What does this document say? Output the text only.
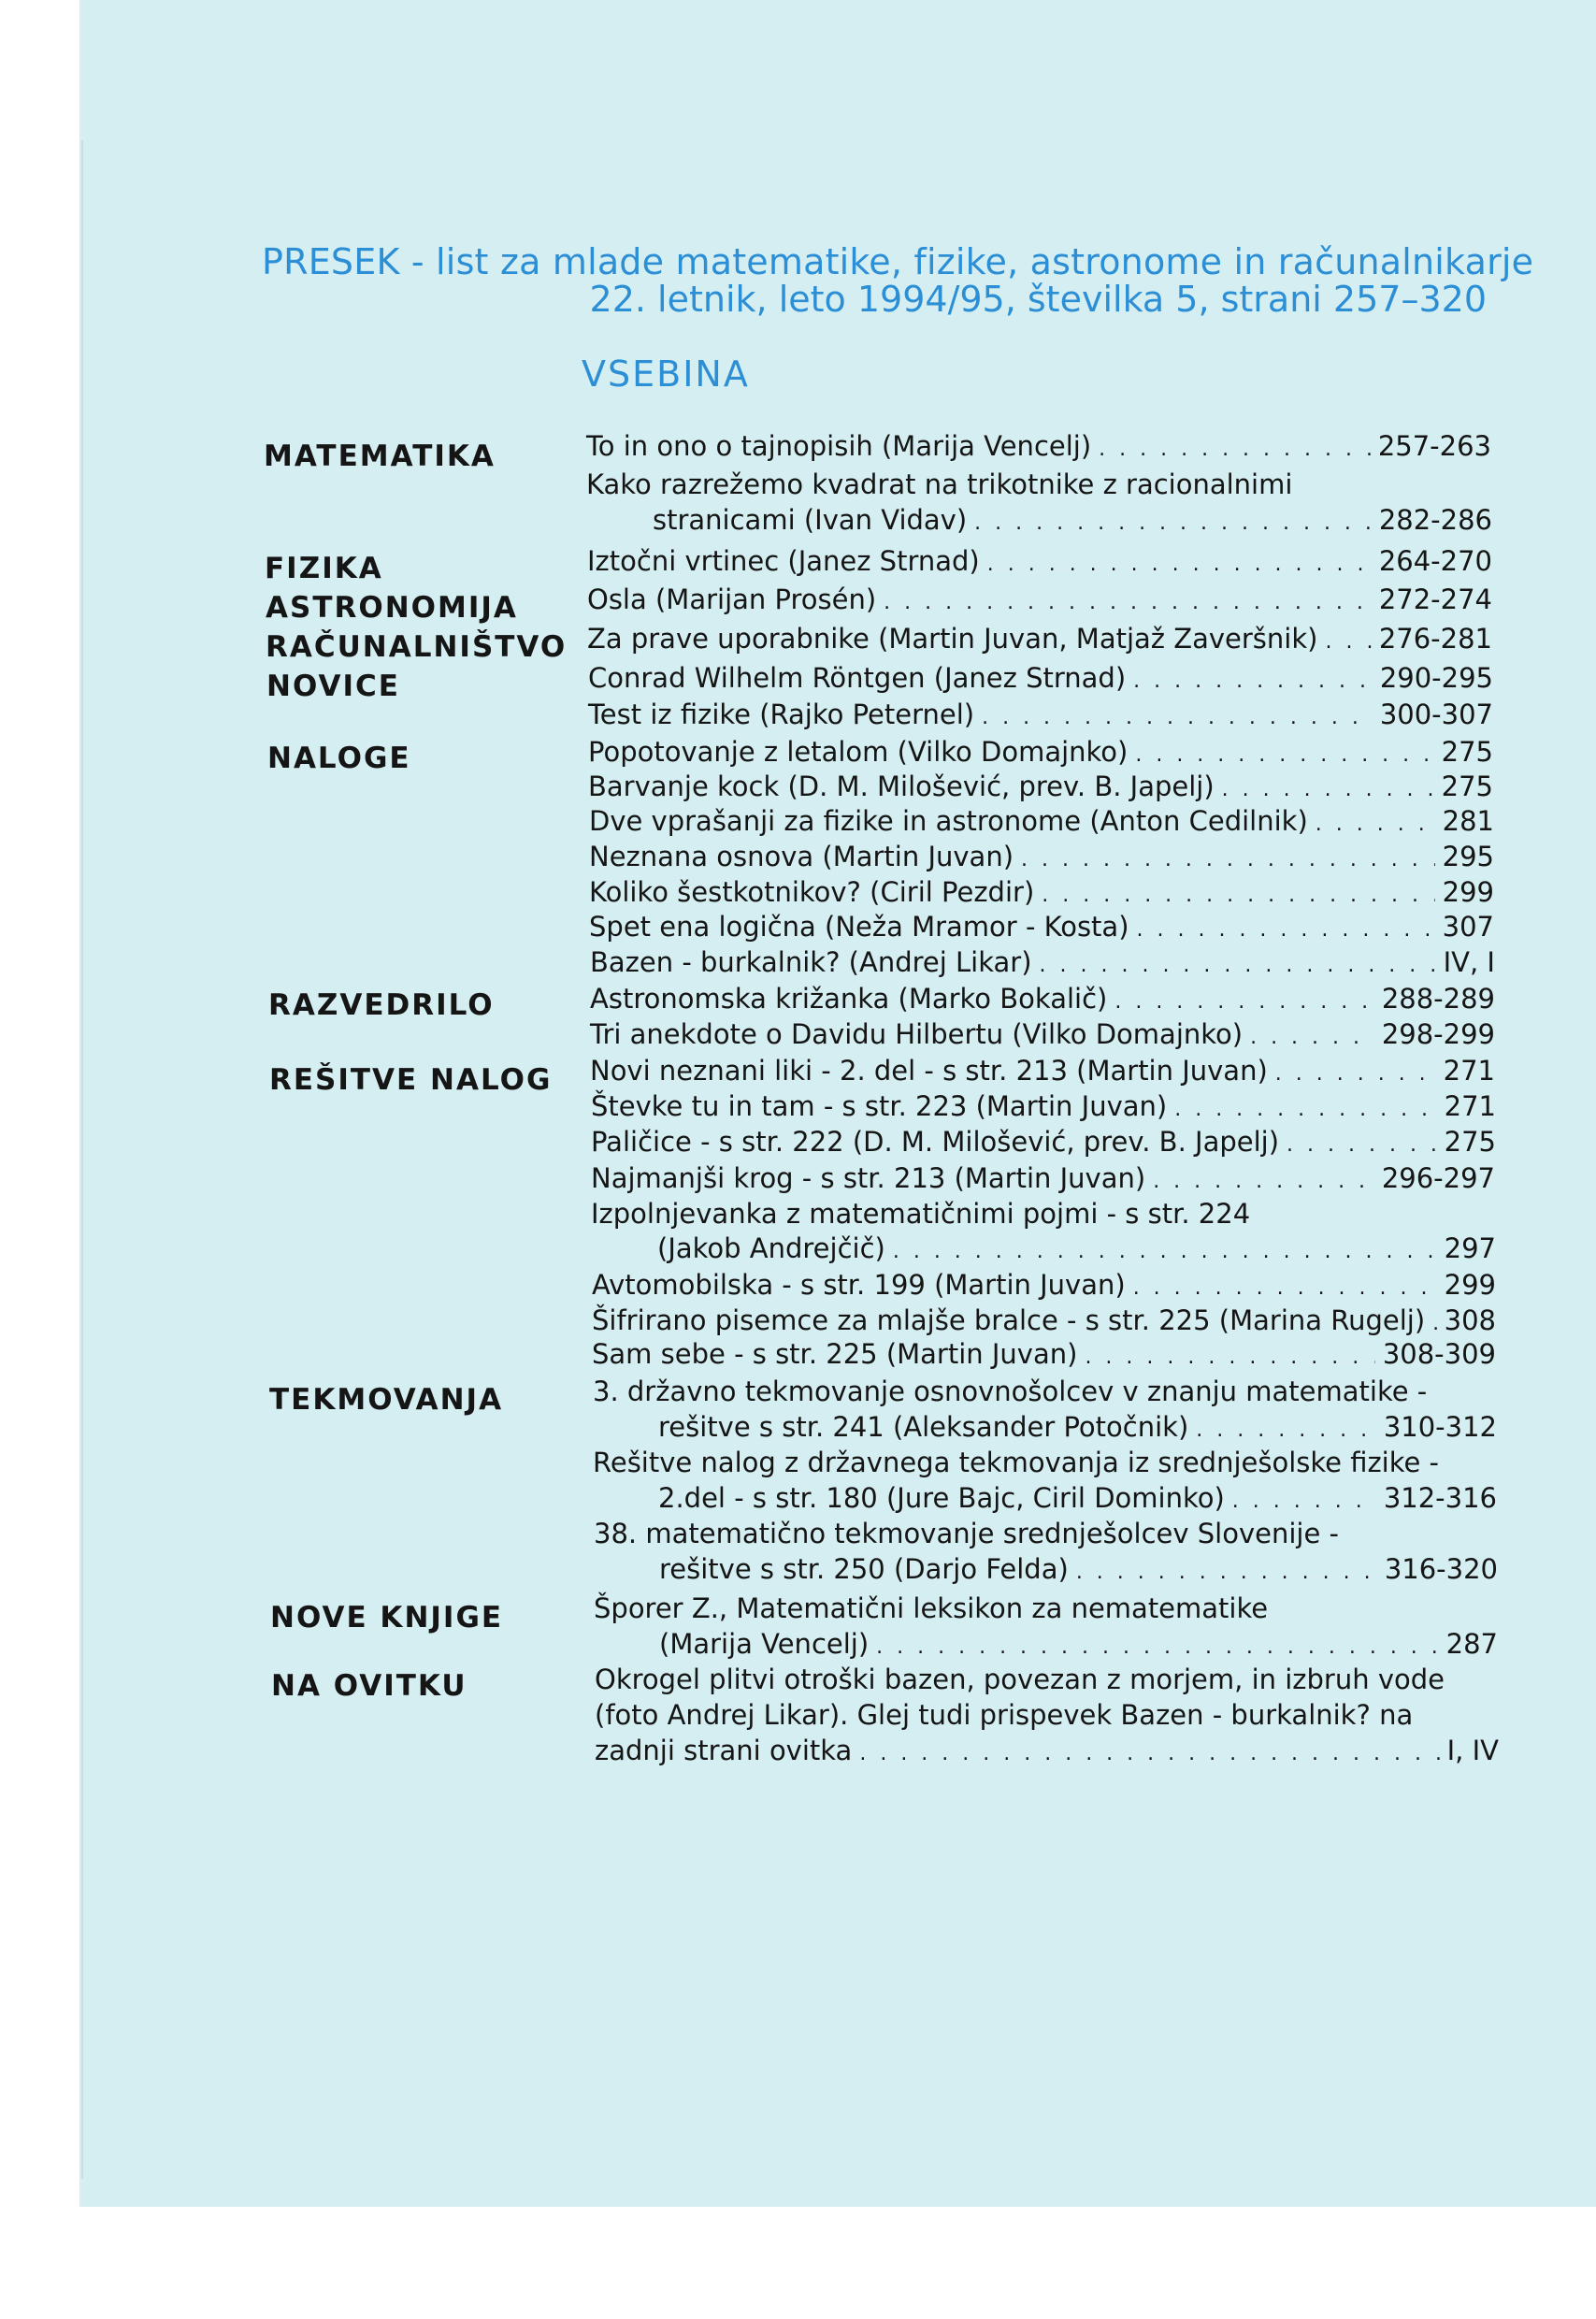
PRESEK - list za mlade matematike, fizike, astronome in računalnikarje
22. letnik, leto 1994/95, številka 5, strani 257–320
VSEBINA
MATEMATIKA	To in ono o tajnopisih (Marija Vencelj) . . .	257-263
Kako razrežemo kvadrat na trikotnike z racionalnimi
stranicami (Ivan Vidav) . . .	282-286
FIZIKA	Iztočni vrtinec (Janez Strnad) . . .	264-270
ASTRONOMIJA	Osla (Marijan Prosén) . . .	272-274
RAČUNALNIŠTVO Za prave uporabnike (Martin Juvan, Matjaž Zaveršnik) . . . 276-281
NOVICE	Conrad Wilhelm Röntgen (Janez Strnad) . . .	290-295
Test iz fizike (Rajko Peternel) . . .	300-307
NALOGE	Popotovanje z letalom (Vilko Domajnko) . . .	275
Barvanje kock (D. M. Milošević, prev. B. Japelj) . . .	275
Dve vprašanji za fizike in astronome (Anton Cedilnik) . . .	281
Neznana osnova (Martin Juvan) . . .	295
Koliko šestkotnikov? (Ciril Pezdir) . . .	299
Spet ena logična (Neža Mramor - Kosta) . . .	307
Bazen - burkalnik? (Andrej Likar) . . .	IV, I
RAZVEDRILO	Astronomska križanka (Marko Bokalič) . . .	288-289
Tri anekdote o Davidu Hilbertu (Vilko Domajnko) . . .	298-299
REŠITVE NALOG Novi neznani liki - 2. del - s str. 213 (Martin Juvan) . . .	271
Števke tu in tam - s str. 223 (Martin Juvan) . . .	271
Paličice - s str. 222 (D. M. Milošević, prev. B. Japelj) . . .	275
Najmanjši krog - s str. 213 (Martin Juvan) . . .	296-297
Izpolnjevanka z matematičnimi pojmi - s str. 224
(Jakob Andrejčič) . . .	297
Avtomobilska - s str. 199 (Martin Juvan) . . .	299
Šifrirano pisemce za mlajše bralce - s str. 225 (Marina Rugelj) . . . 308
Sam sebe - s str. 225 (Martin Juvan) . . .	308-309
TEKMOVANJA	3. državno tekmovanje osnovnošolcev v znanju matematike -
rešitve s str. 241 (Aleksander Potočnik) . . .	310-312
Rešitve nalog z državnega tekmovanja iz srednješolske fizike -
2.del - s str. 180 (Jure Bajc, Ciril Dominko) . . .	312-316
38. matematično tekmovanje srednješolcev Slovenije -
rešitve s str. 250 (Darjo Felda) . . .	316-320
NOVE KNJIGE	Šporer Z., Matematični leksikon za nematematike
(Marija Vencelj) . . .	287
NA OVITKU	Okrogel plitvi otroški bazen, povezan z morjem, in izbruh vode
(foto Andrej Likar). Glej tudi prispevek Bazen - burkalnik? na
zadnji strani ovitka . . .	I, IV
